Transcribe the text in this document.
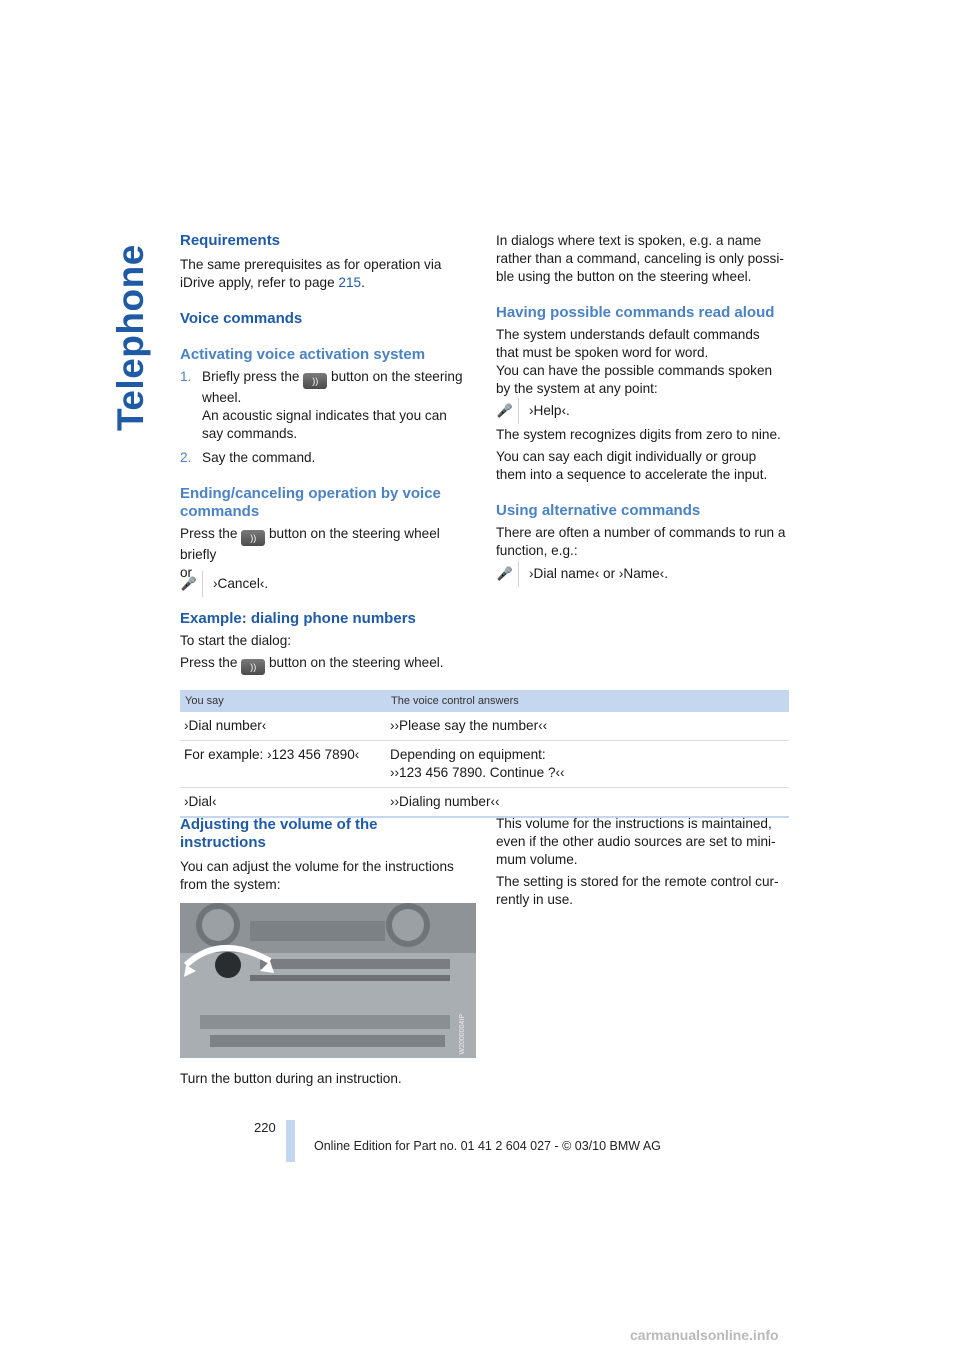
Telephone

Requirements

The same prerequisites as for operation via

iDrive apply, refer to page 215.

Voice commands

Activating voice activation system

1. Briefly press the )) button on the steering

wheel.

An acoustic signal indicates that you can

say commands.

2. Say the command.

Ending/canceling operation by voice

commands

Press the )) button on the steering wheel

briefly

or

🎤 ›Cancel‹.

Example: dialing phone numbers

To start the dialog:

Press the )) button on the steering wheel.

In dialogs where text is spoken, e.g. a name

rather than a command, canceling is only possi-

ble using the button on the steering wheel.

Having possible commands read aloud

The system understands default commands

that must be spoken word for word.

You can have the possible commands spoken

by the system at any point:

🎤 ›Help‹.

The system recognizes digits from zero to nine.

You can say each digit individually or group

them into a sequence to accelerate the input.

Using alternative commands

There are often a number of commands to run a

function, e.g.:

🎤 ›Dial name‹ or ›Name‹.
You say	The voice control answers
›Dial number‹	››Please say the number‹‹
For example: ›123 456 7890‹	Depending on equipment:
››123 456 7890. Continue ?‹‹

›Dial‹	››Dialing number‹‹

Adjusting the volume of the

instructions

You can adjust the volume for the instructions

from the system:

W2000004IP
Turn the button during an instruction.

This volume for the instructions is maintained,

even if the other audio sources are set to mini-

mum volume.

The setting is stored for the remote control cur-

rently in use.

220
Online Edition for Part no. 01 41 2 604 027 - © 03/10 BMW AG
carmanualsonline.info
